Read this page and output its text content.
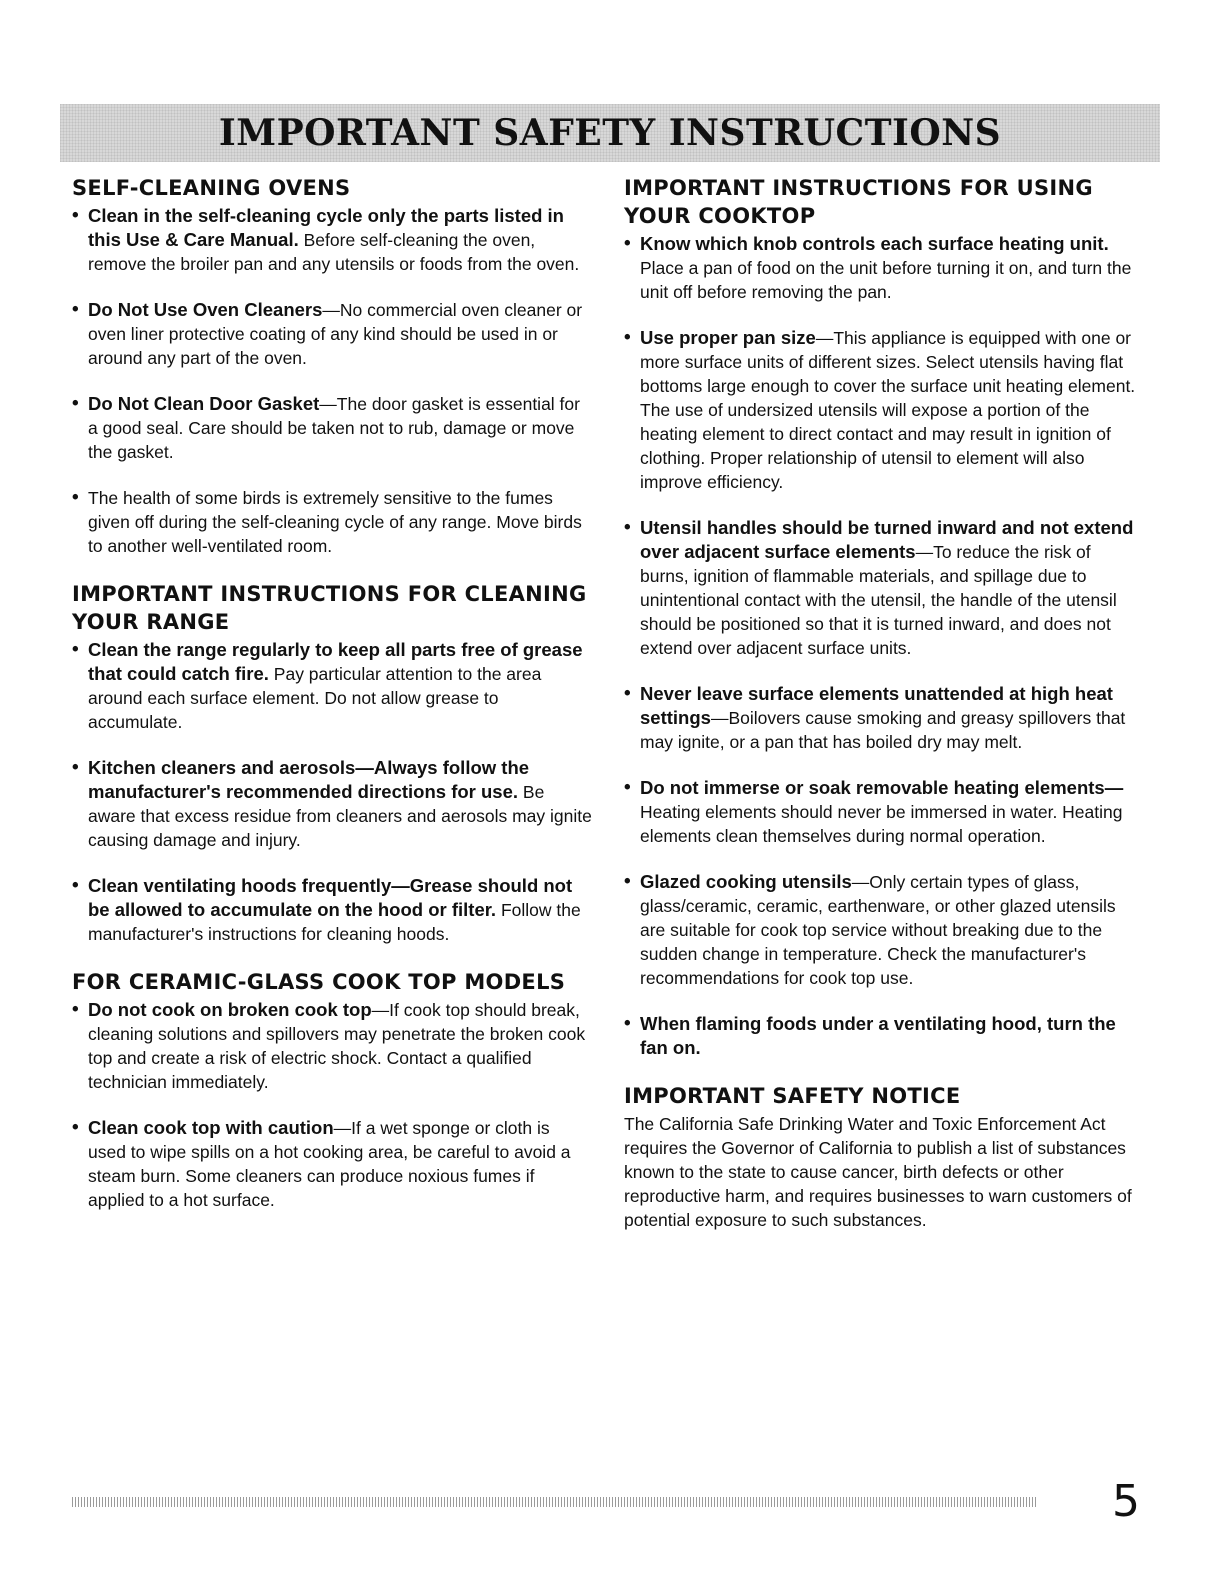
IMPORTANT SAFETY INSTRUCTIONS
SELF-CLEANING OVENS
• Clean in the self-cleaning cycle only the parts listed in this Use & Care Manual. Before self-cleaning the oven, remove the broiler pan and any utensils or foods from the oven.
• Do Not Use Oven Cleaners—No commercial oven cleaner or oven liner protective coating of any kind should be used in or around any part of the oven.
• Do Not Clean Door Gasket—The door gasket is essential for a good seal. Care should be taken not to rub, damage or move the gasket.
• The health of some birds is extremely sensitive to the fumes given off during the self-cleaning cycle of any range. Move birds to another well-ventilated room.
IMPORTANT INSTRUCTIONS FOR CLEANING YOUR RANGE
• Clean the range regularly to keep all parts free of grease that could catch fire. Pay particular attention to the area around each surface element. Do not allow grease to accumulate.
• Kitchen cleaners and aerosols—Always follow the manufacturer's recommended directions for use. Be aware that excess residue from cleaners and aerosols may ignite causing damage and injury.
• Clean ventilating hoods frequently—Grease should not be allowed to accumulate on the hood or filter. Follow the manufacturer's instructions for cleaning hoods.
FOR CERAMIC-GLASS COOK TOP MODELS
• Do not cook on broken cook top—If cook top should break, cleaning solutions and spillovers may penetrate the broken cook top and create a risk of electric shock. Contact a qualified technician immediately.
• Clean cook top with caution—If a wet sponge or cloth is used to wipe spills on a hot cooking area, be careful to avoid a steam burn. Some cleaners can produce noxious fumes if applied to a hot surface.
IMPORTANT INSTRUCTIONS FOR USING YOUR COOKTOP
• Know which knob controls each surface heating unit. Place a pan of food on the unit before turning it on, and turn the unit off before removing the pan.
• Use proper pan size—This appliance is equipped with one or more surface units of different sizes. Select utensils having flat bottoms large enough to cover the surface unit heating element. The use of undersized utensils will expose a portion of the heating element to direct contact and may result in ignition of clothing. Proper relationship of utensil to element will also improve efficiency.
• Utensil handles should be turned inward and not extend over adjacent surface elements—To reduce the risk of burns, ignition of flammable materials, and spillage due to unintentional contact with the utensil, the handle of the utensil should be positioned so that it is turned inward, and does not extend over adjacent surface units.
• Never leave surface elements unattended at high heat settings—Boilovers cause smoking and greasy spillovers that may ignite, or a pan that has boiled dry may melt.
• Do not immerse or soak removable heating elements—Heating elements should never be immersed in water. Heating elements clean themselves during normal operation.
• Glazed cooking utensils—Only certain types of glass, glass/ceramic, ceramic, earthenware, or other glazed utensils are suitable for cook top service without breaking due to the sudden change in temperature. Check the manufacturer's recommendations for cook top use.
• When flaming foods under a ventilating hood, turn the fan on.
IMPORTANT SAFETY NOTICE

The California Safe Drinking Water and Toxic Enforcement Act requires the Governor of California to publish a list of substances known to the state to cause cancer, birth defects or other reproductive harm, and requires businesses to warn customers of potential exposure to such substances.

5
